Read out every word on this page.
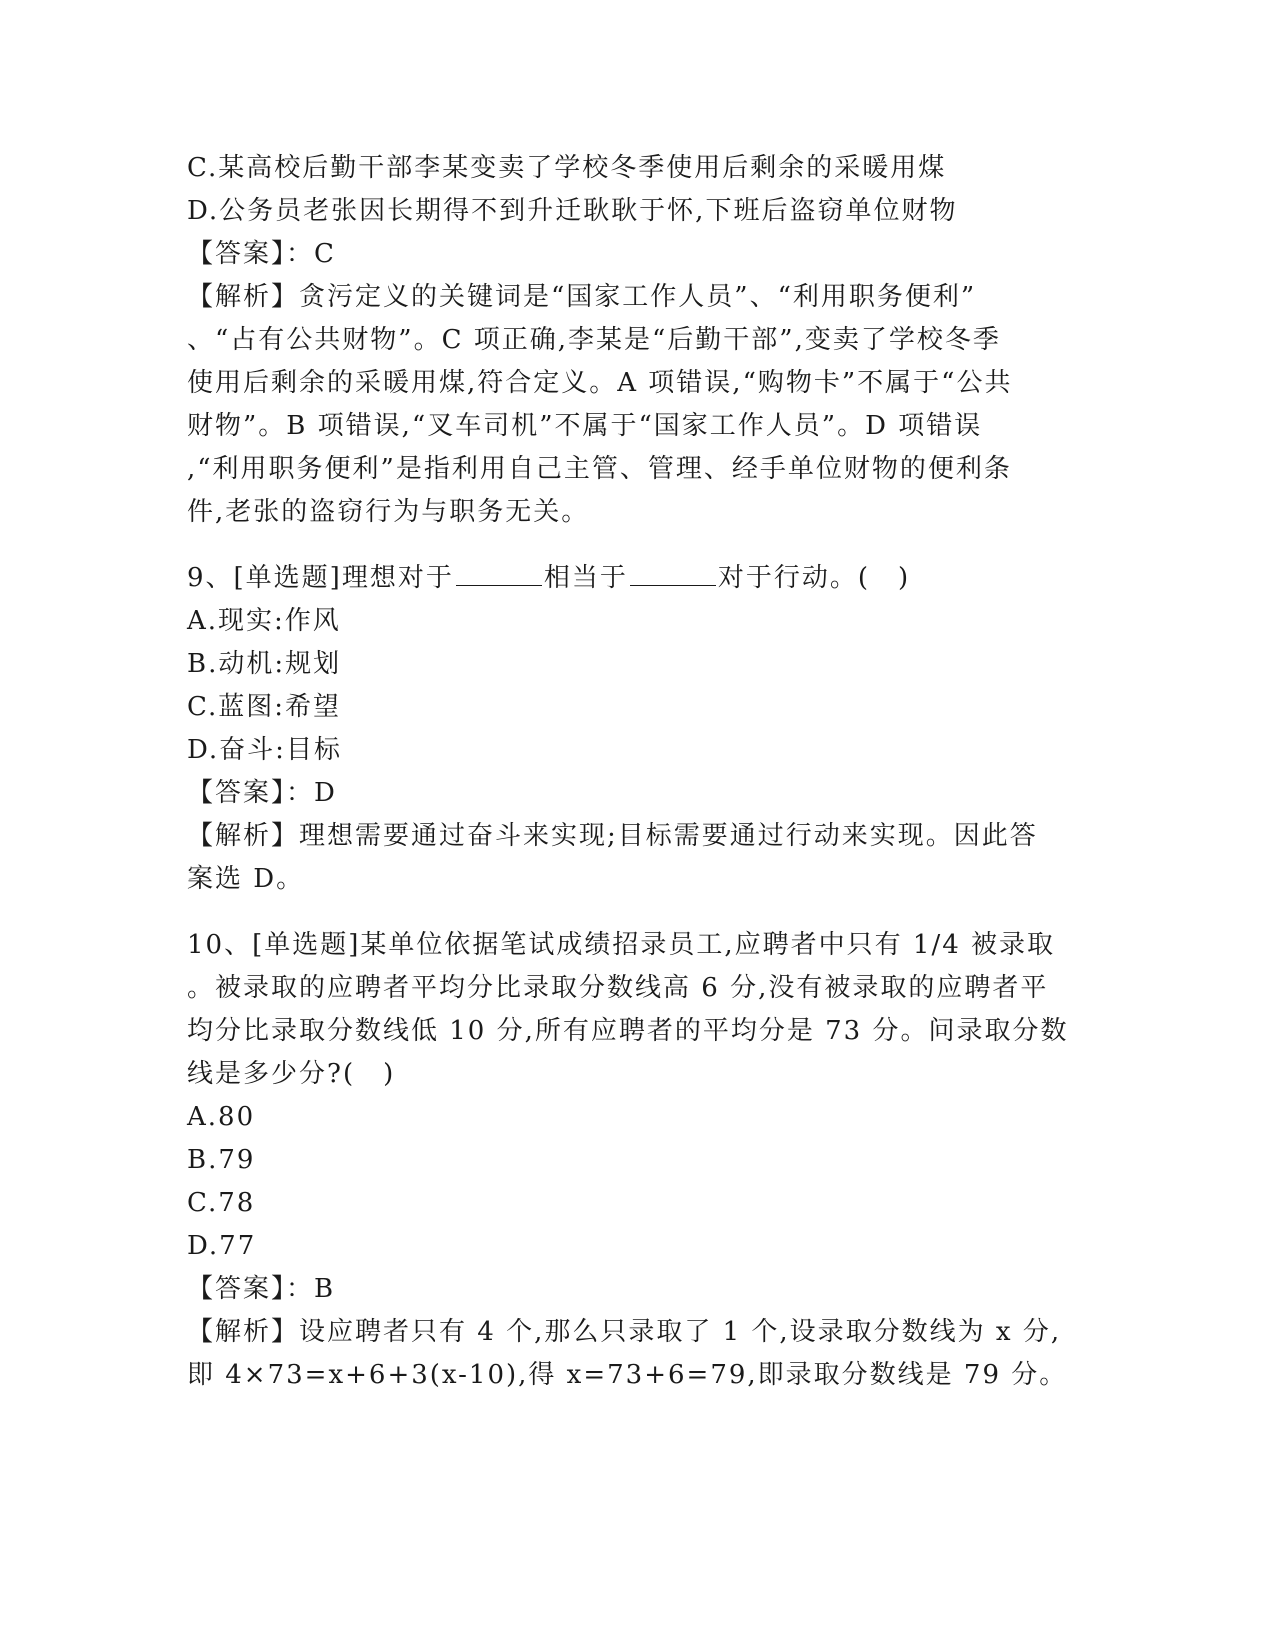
C.某高校后勤干部李某变卖了学校冬季使用后剩余的采暖用煤
D.公务员老张因长期得不到升迁耿耿于怀,下班后盗窃单位财物
【答案】：C
【解析】贪污定义的关键词是“国家工作人员”、“利用职务便利”
、“占有公共财物”。C 项正确,李某是“后勤干部”,变卖了学校冬季
使用后剩余的采暖用煤,符合定义。A 项错误,“购物卡”不属于“公共
财物”。B 项错误,“叉车司机”不属于“国家工作人员”。D 项错误
,“利用职务便利”是指利用自己主管、管理、经手单位财物的便利条
件,老张的盗窃行为与职务无关。
9、[单选题]理想对于	相当于	对于行动。(　)
A.现实:作风
B.动机:规划
C.蓝图:希望
D.奋斗:目标
【答案】：D
【解析】理想需要通过奋斗来实现;目标需要通过行动来实现。因此答
案选 D。
10、[单选题]某单位依据笔试成绩招录员工,应聘者中只有 1/4 被录取
。被录取的应聘者平均分比录取分数线高 6 分,没有被录取的应聘者平
均分比录取分数线低 10 分,所有应聘者的平均分是 73 分。问录取分数
线是多少分?(　)
A.80
B.79
C.78
D.77
【答案】：B
【解析】设应聘者只有 4 个,那么只录取了 1 个,设录取分数线为 x 分,
即 4×73=x+6+3(x-10),得 x=73+6=79,即录取分数线是 79 分。
